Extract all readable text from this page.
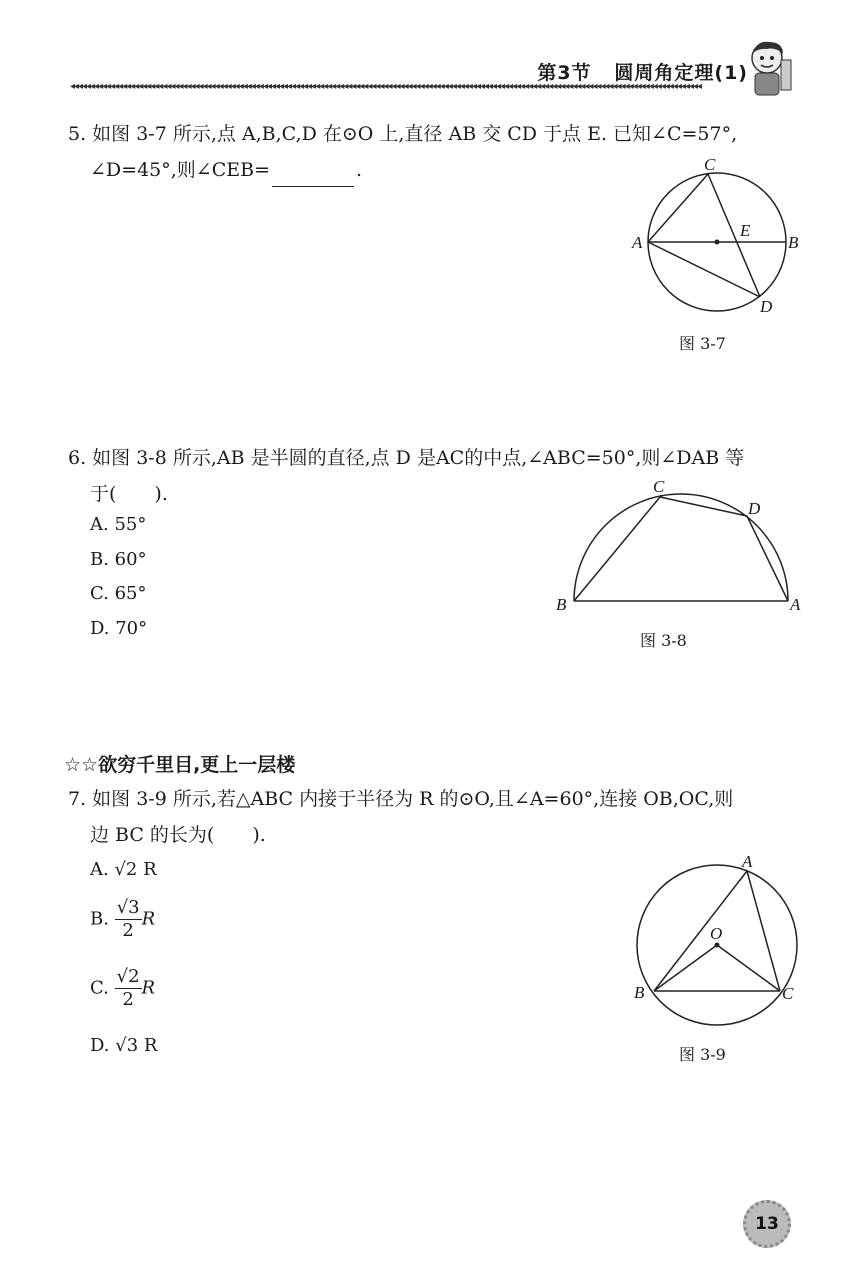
第3节 圆周角定理(1)
◂◂◂◂◂◂◂◂◂◂◂◂◂◂◂◂◂◂◂◂◂◂◂◂◂◂◂◂◂◂◂◂◂◂◂◂◂◂◂◂◂◂◂◂◂◂◂◂◂◂◂◂◂◂◂◂◂◂◂◂◂◂◂◂◂◂◂◂◂◂◂◂◂◂◂◂◂◂◂◂◂◂◂◂◂◂◂◂◂◂◂◂◂◂◂◂◂◂◂◂◂◂◂◂◂◂◂◂◂◂◂◂◂◂◂◂◂◂◂◂◂◂◂◂◂◂◂◂◂◂◂◂◂◂◂◂◂◂◂◂◂◂◂◂◂◂◂◂◂◂◂◂◂◂◂◂◂
5. 如图 3-7 所示,点 A,B,C,D 在⊙O 上,直径 AB 交 CD 于点 E. 已知∠C=57°,
∠D=45°,则∠CEB=	.	C
A	B
E
D
图 3-7
6. 如图 3-8 所示,AB 是半圆的直径,点 D 是AC的中点,∠ABC=50°,则∠DAB 等
于(　　).
A. 55°
B. 60°
C. 65°
D. 70°
C
D
B	A
图 3-8
☆☆欲穷千里目,更上一层楼
7. 如图 3-9 所示,若△ABC 内接于半径为 R 的⊙O,且∠A=60°,连接 OB,OC,则
边 BC 的长为(　　).
A. √2 R
B. $\frac{√3}{2}$ R
C. $\frac{√2}{2}$ R
D. √3 R
A
O
B	C
图 3-9
13
